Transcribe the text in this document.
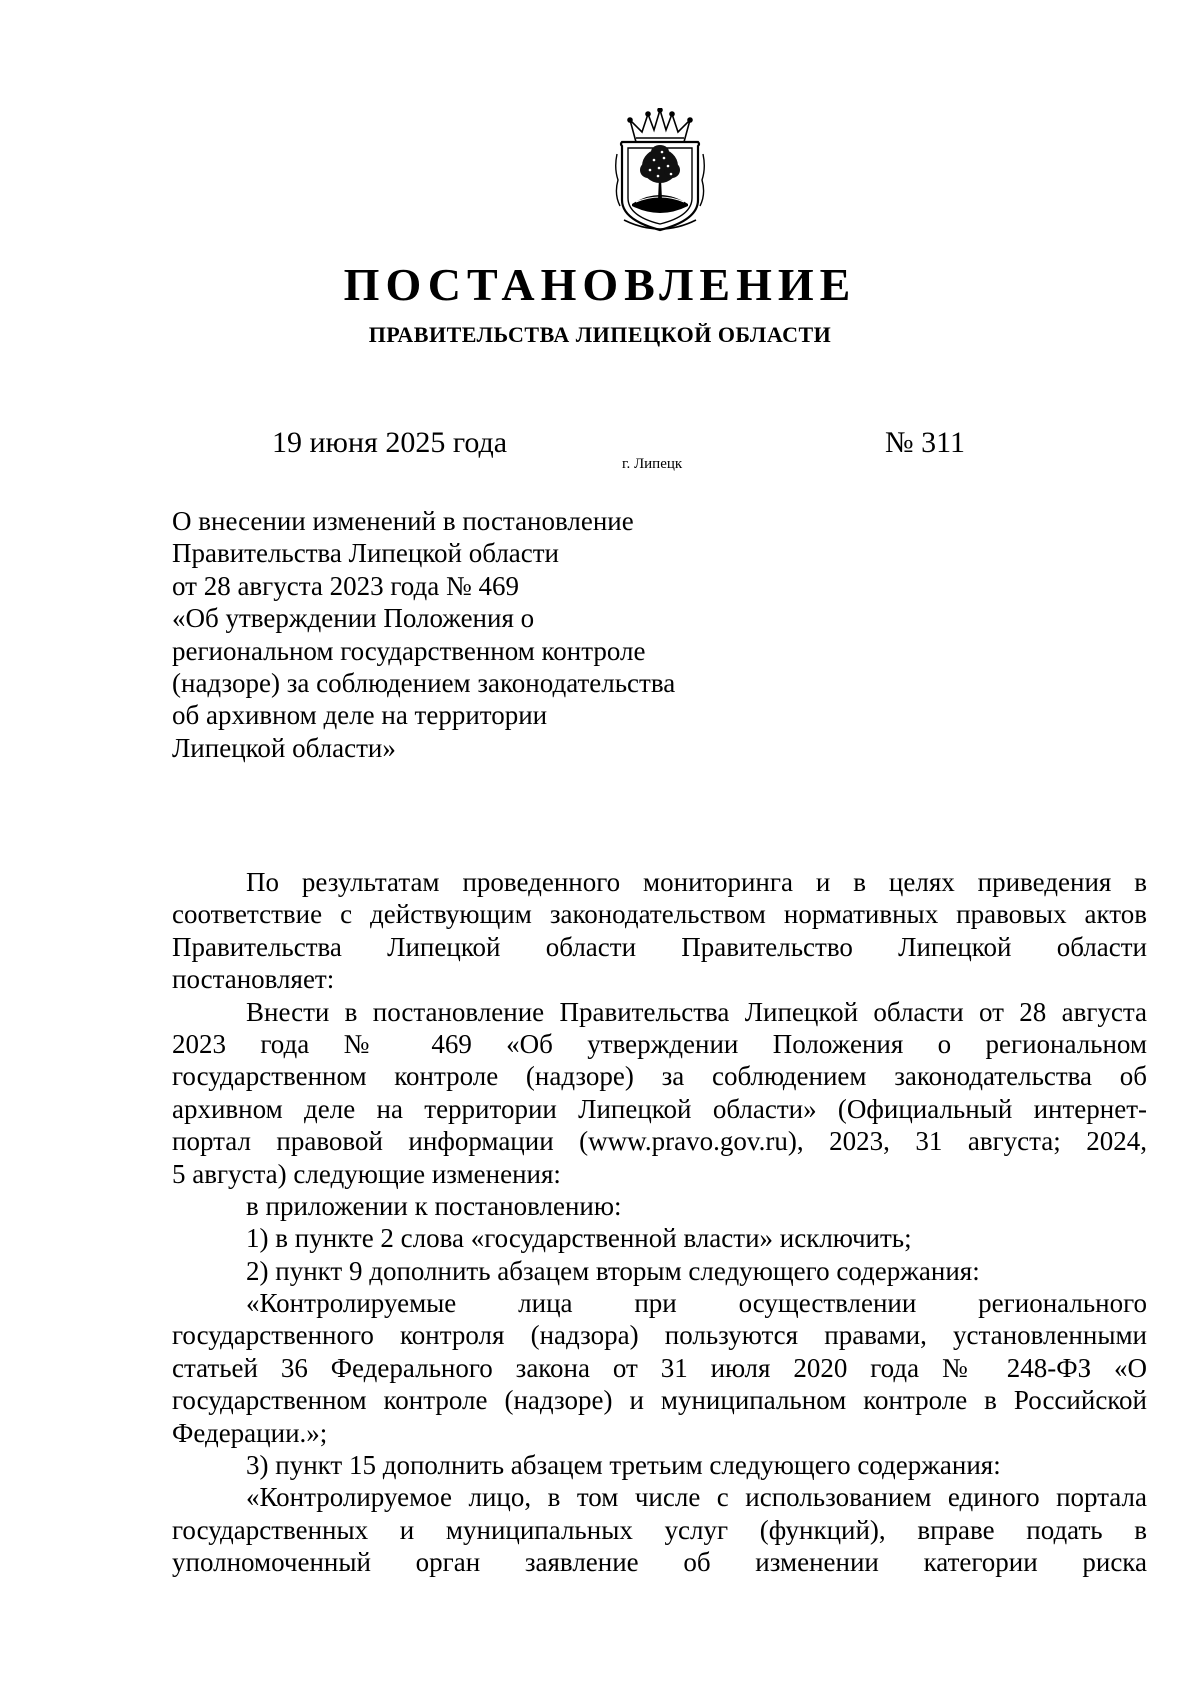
ПОСТАНОВЛЕНИЕ
ПРАВИТЕЛЬСТВА ЛИПЕЦКОЙ ОБЛАСТИ
19 июня 2025 года
г. Липецк
№ 311
О внесении изменений в постановление
Правительства Липецкой области
от 28 августа 2023 года № 469
«Об утверждении Положения о
региональном государственном контроле
(надзоре) за соблюдением законодательства
об архивном деле на территории
Липецкой области»
По результатам проведенного мониторинга и в целях приведения в
соответствие с действующим законодательством нормативных правовых актов
Правительства Липецкой области Правительство Липецкой области
постановляет:
Внести в постановление Правительства Липецкой области от 28 августа
2023 года № 469 «Об утверждении Положения о региональном
государственном контроле (надзоре) за соблюдением законодательства об
архивном деле на территории Липецкой области» (Официальный интернет-
портал правовой информации (www.pravo.gov.ru), 2023, 31 августа; 2024,
5 августа) следующие изменения:
в приложении к постановлению:
1) в пункте 2 слова «государственной власти» исключить;
2) пункт 9 дополнить абзацем вторым следующего содержания:
«Контролируемые лица при осуществлении регионального
государственного контроля (надзора) пользуются правами, установленными
статьей 36 Федерального закона от 31 июля 2020 года № 248-ФЗ «О
государственном контроле (надзоре) и муниципальном контроле в Российской
Федерации.»;
3) пункт 15 дополнить абзацем третьим следующего содержания:
«Контролируемое лицо, в том числе с использованием единого портала
государственных и муниципальных услуг (функций), вправе подать в
уполномоченный орган заявление об изменении категории риска
